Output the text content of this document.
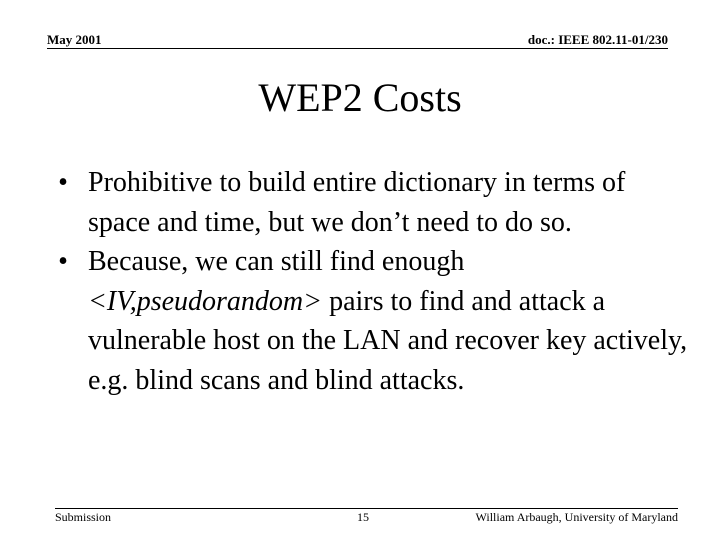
May 2001	doc.: IEEE 802.11-01/230
WEP2 Costs
• Prohibitive to build entire dictionary in terms of space and time, but we don’t need to do so.
• Because, we can still find enough <IV,pseudorandom> pairs to find and attack a vulnerable host on the LAN and recover key actively, e.g. blind scans and blind attacks.
Submission	15	William Arbaugh, University of Maryland
